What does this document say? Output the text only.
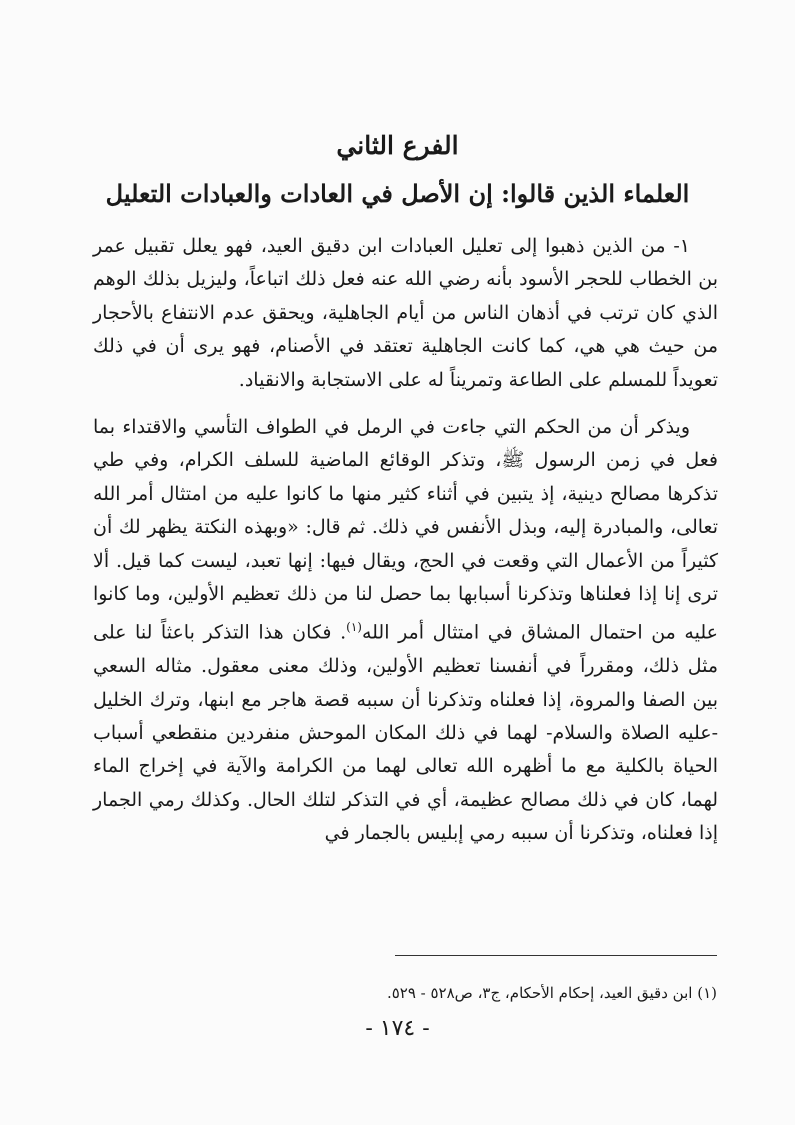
الفرع الثاني
العلماء الذين قالوا: إن الأصل في العادات والعبادات التعليل

١- من الذين ذهبوا إلى تعليل العبادات ابن دقيق العيد، فهو يعلل تقبيل عمر بن الخطاب للحجر الأسود بأنه رضي الله عنه فعل ذلك اتباعاً، وليزيل بذلك الوهم الذي كان ترتب في أذهان الناس من أيام الجاهلية، ويحقق عدم الانتفاع بالأحجار من حيث هي هي، كما كانت الجاهلية تعتقد في الأصنام، فهو يرى أن في ذلك تعويداً للمسلم على الطاعة وتمريناً له على الاستجابة والانقياد.

ويذكر أن من الحكم التي جاءت في الرمل في الطواف التأسي والاقتداء بما فعل في زمن الرسول ﷺ، وتذكر الوقائع الماضية للسلف الكرام، وفي طي تذكرها مصالح دينية، إذ يتبين في أثناء كثير منها ما كانوا عليه من امتثال أمر الله تعالى، والمبادرة إليه، وبذل الأنفس في ذلك. ثم قال: «وبهذه النكتة يظهر لك أن كثيراً من الأعمال التي وقعت في الحج، ويقال فيها: إنها تعبد، ليست كما قيل. ألا ترى إنا إذا فعلناها وتذكرنا أسبابها بما حصل لنا من ذلك تعظيم الأولين، وما كانوا عليه من احتمال المشاق في امتثال أمر الله$^{(١)}$. فكان هذا التذكر باعثاً لنا على مثل ذلك، ومقرراً في أنفسنا تعظيم الأولين، وذلك معنى معقول. مثاله السعي بين الصفا والمروة، إذا فعلناه وتذكرنا أن سببه قصة هاجر مع ابنها، وترك الخليل -عليه الصلاة والسلام- لهما في ذلك المكان الموحش منفردين منقطعي أسباب الحياة بالكلية مع ما أظهره الله تعالى لهما من الكرامة والآية في إخراج الماء لهما، كان في ذلك مصالح عظيمة، أي في التذكر لتلك الحال. وكذلك رمي الجمار إذا فعلناه، وتذكرنا أن سببه رمي إبليس بالجمار في

(١) ابن دقيق العيد، إحكام الأحكام، ج٣، ص٥٢٨ - ٥٢٩.
- ١٧٤ -
